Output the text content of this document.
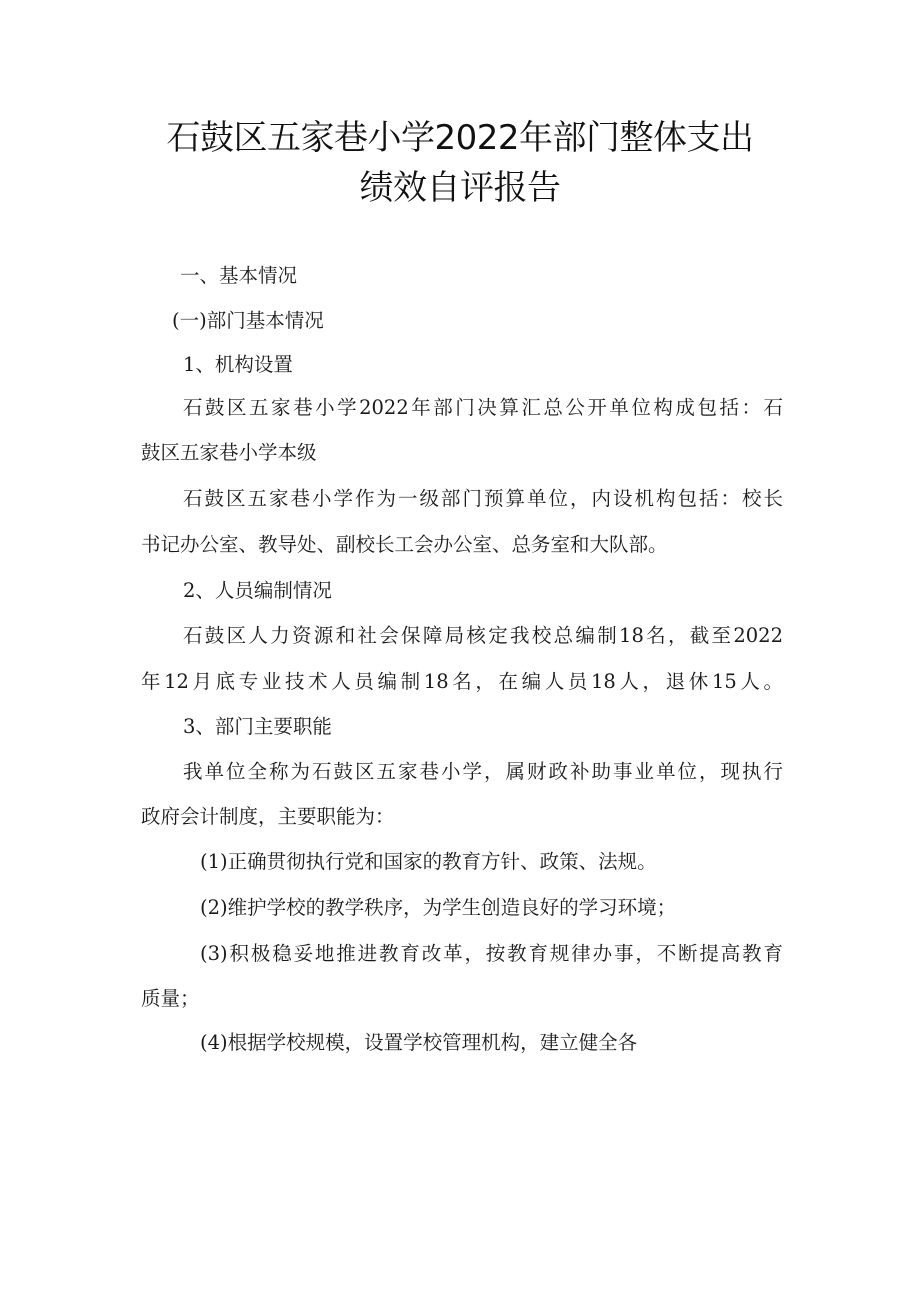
石鼓区五家巷小学2022年部门整体支出
绩效自评报告
一、基本情况
(一)部门基本情况
1、机构设置
石鼓区五家巷小学2022年部门决算汇总公开单位构成包括：石
鼓区五家巷小学本级
石鼓区五家巷小学作为一级部门预算单位，内设机构包括：校长
书记办公室、教导处、副校长工会办公室、总务室和大队部。
2、人员编制情况
石鼓区人力资源和社会保障局核定我校总编制18名，截至2022
年12月底专业技术人员编制18名，在编人员18人，退休15人。
3、部门主要职能
我单位全称为石鼓区五家巷小学，属财政补助事业单位，现执行
政府会计制度，主要职能为：
(1)正确贯彻执行党和国家的教育方针、政策、法规。
(2)维护学校的教学秩序，为学生创造良好的学习环境；
(3)积极稳妥地推进教育改革，按教育规律办事，不断提高教育
质量；
(4)根据学校规模，设置学校管理机构，建立健全各
